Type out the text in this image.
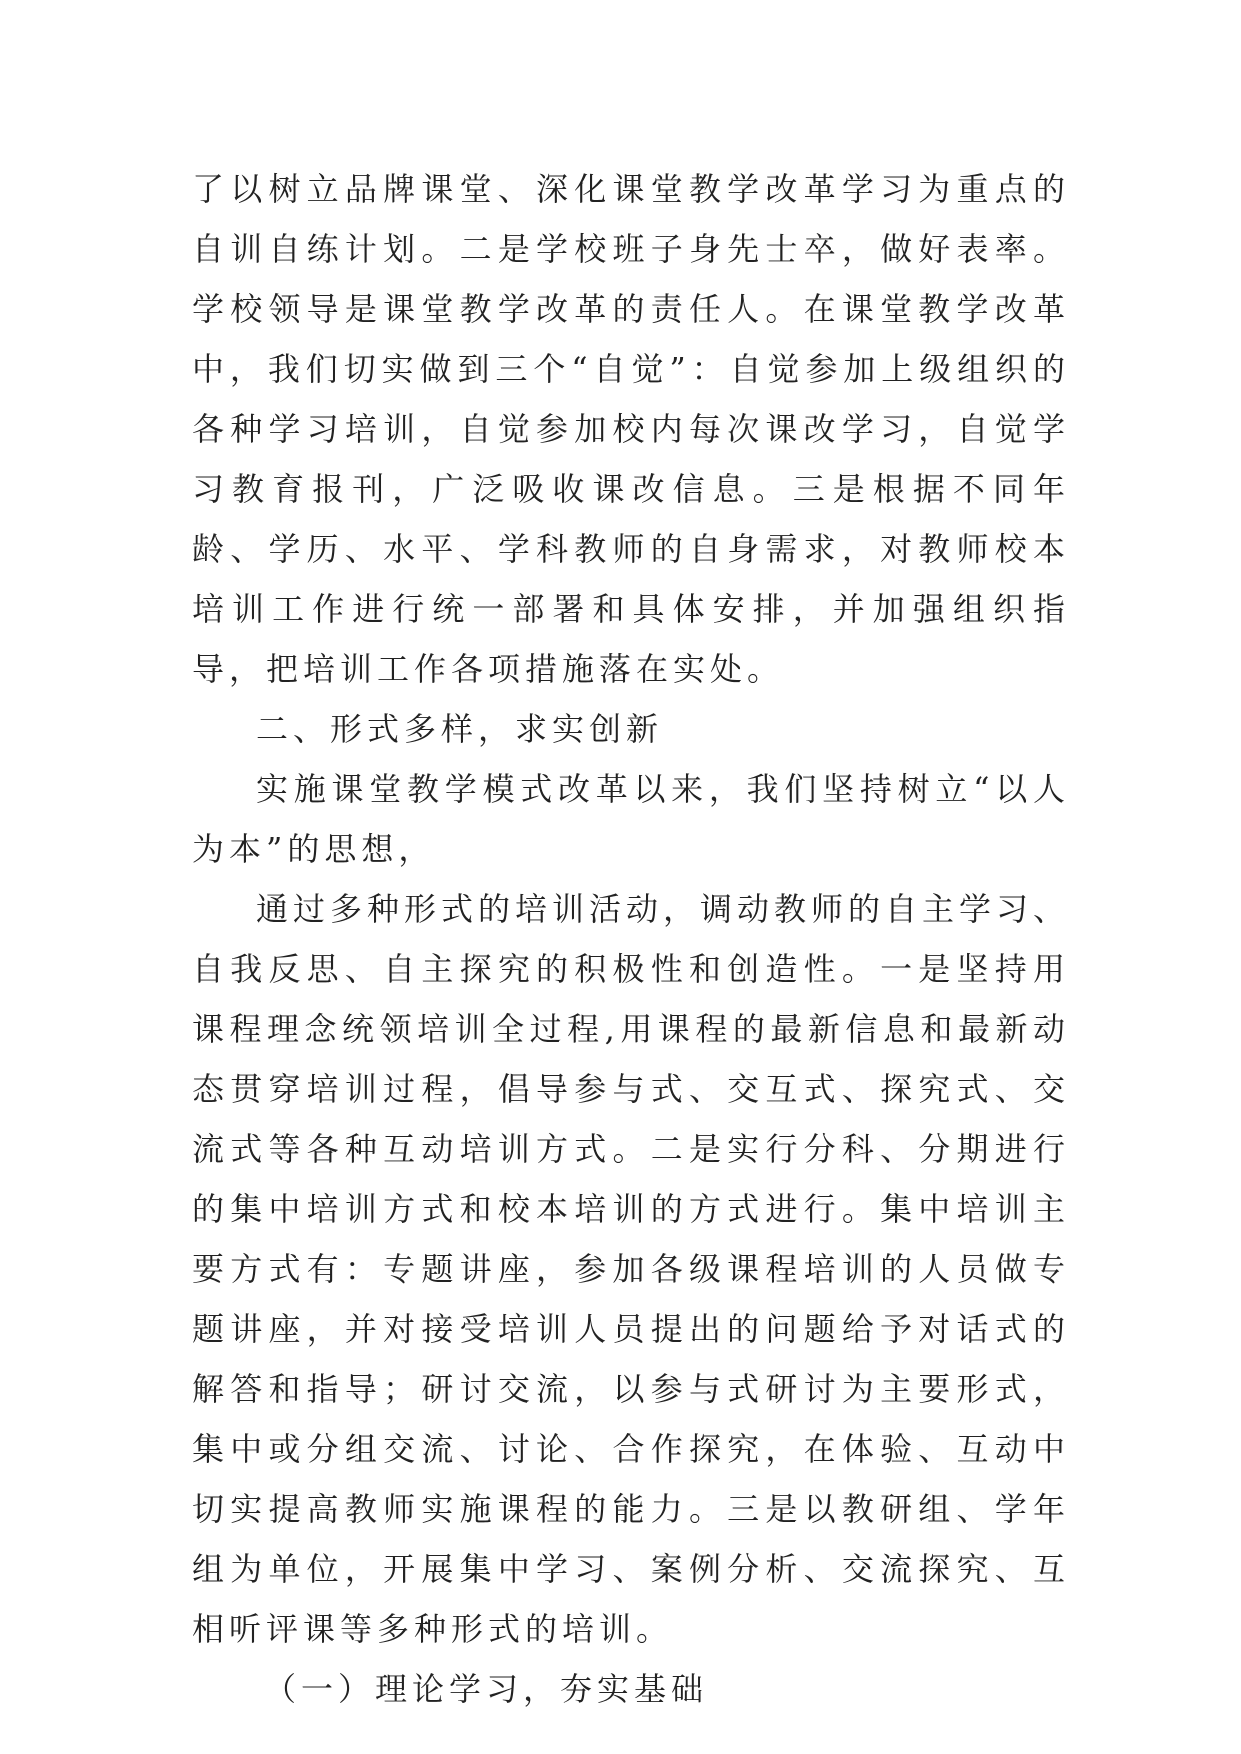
了以树立品牌课堂、深化课堂教学改革学习为重点的自训自练计划。二是学校班子身先士卒，做好表率。学校领导是课堂教学改革的责任人。在课堂教学改革中，我们切实做到三个“自觉”：自觉参加上级组织的各种学习培训，自觉参加校内每次课改学习，自觉学习教育报刊，广泛吸收课改信息。三是根据不同年龄、学历、水平、学科教师的自身需求，对教师校本培训工作进行统一部署和具体安排，并加强组织指导，把培训工作各项措施落在实处。

二、形式多样，求实创新

实施课堂教学模式改革以来，我们坚持树立“以人为本”的思想，

通过多种形式的培训活动，调动教师的自主学习、自我反思、自主探究的积极性和创造性。一是坚持用课程理念统领培训全过程,用课程的最新信息和最新动态贯穿培训过程，倡导参与式、交互式、探究式、交流式等各种互动培训方式。二是实行分科、分期进行的集中培训方式和校本培训的方式进行。集中培训主要方式有：专题讲座，参加各级课程培训的人员做专题讲座，并对接受培训人员提出的问题给予对话式的解答和指导；研讨交流，以参与式研讨为主要形式，集中或分组交流、讨论、合作探究，在体验、互动中切实提高教师实施课程的能力。三是以教研组、学年组为单位，开展集中学习、案例分析、交流探究、互相听评课等多种形式的培训。

（一）理论学习，夯实基础
